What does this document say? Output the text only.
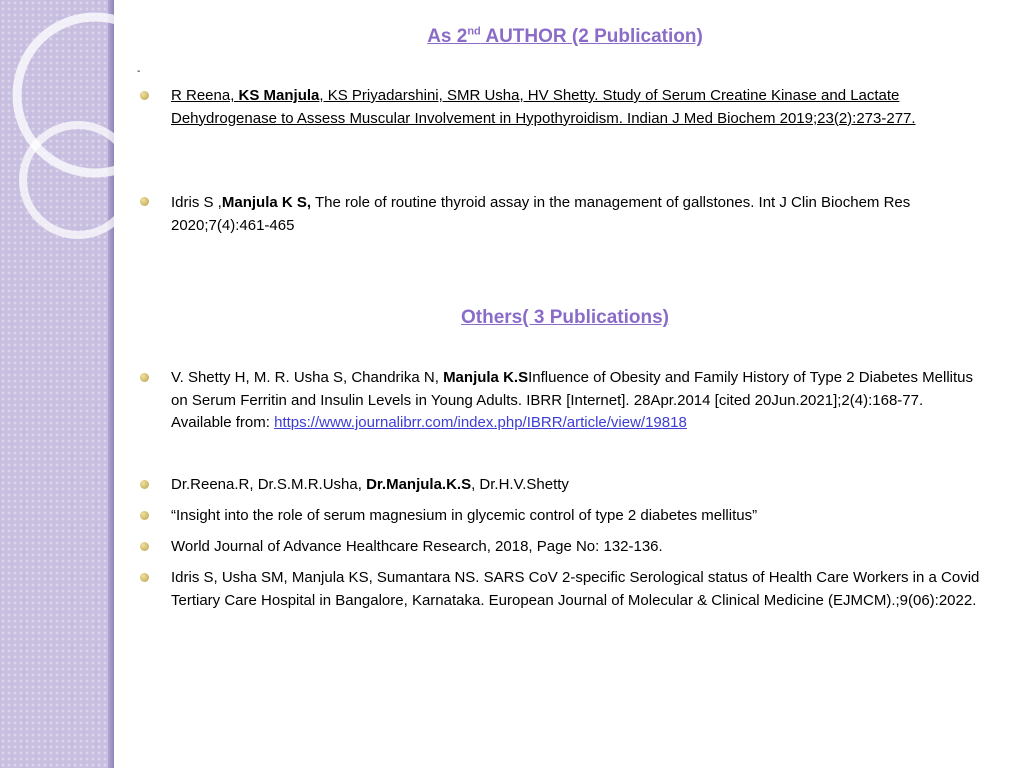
As 2nd AUTHOR (2 Publication)
-
R Reena, KS Manjula, KS Priyadarshini, SMR Usha, HV Shetty. Study of Serum Creatine Kinase and Lactate Dehydrogenase to Assess Muscular Involvement in Hypothyroidism. Indian J Med Biochem 2019;23(2):273-277.
Idris S ,Manjula K S, The role of routine thyroid assay in the management of gallstones. Int J Clin Biochem Res 2020;7(4):461-465
Others( 3 Publications)
V. Shetty H, M. R. Usha S, Chandrika N, Manjula K.SInfluence of Obesity and Family History of Type 2 Diabetes Mellitus on Serum Ferritin and Insulin Levels in Young Adults. IBRR [Internet]. 28Apr.2014 [cited 20Jun.2021];2(4):168-77. Available from: https://www.journalibrr.com/index.php/IBRR/article/view/19818
Dr.Reena.R, Dr.S.M.R.Usha, Dr.Manjula.K.S, Dr.H.V.Shetty
“Insight into the role of serum magnesium in glycemic control of type 2 diabetes mellitus”
World Journal of Advance Healthcare Research, 2018, Page No: 132-136.
Idris S, Usha SM, Manjula KS, Sumantara NS. SARS CoV 2-specific Serological status of Health Care Workers in a Covid Tertiary Care Hospital in Bangalore, Karnataka. European Journal of Molecular & Clinical Medicine (EJMCM).;9(06):2022.
